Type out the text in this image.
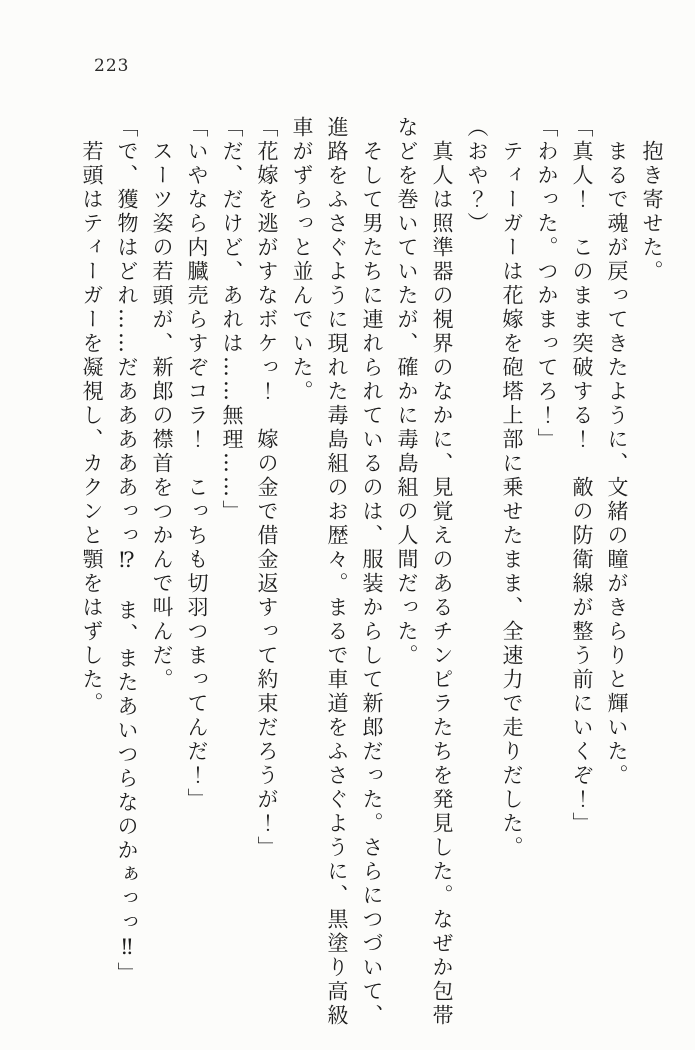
223

　抱き寄せた。

　まるで魂が戻ってきたように、文緒の瞳がきらりと輝いた。

「真人！　このまま突破する！　敵の防衛線が整う前にいくぞ！」

「わかった。つかまってろ！」

　ティーガーは花嫁を砲塔上部に乗せたまま、全速力で走りだした。

（おや？）

　真人は照準器の視界のなかに、見覚えのあるチンピラたちを発見した。なぜか包帯などを巻いていたが、確かに毒島組の人間だった。

　そして男たちに連れられているのは、服装からして新郎だった。さらにつづいて、進路をふさぐように現れた毒島組のお歴々。まるで車道をふさぐように、黒塗り高級車がずらっと並んでいた。

「花嫁を逃がすなボケっ！　嫁の金で借金返すって約束だろうが！」

「だ、だけど、あれは……無理……」

「いやなら内臓売らすぞコラ！　こっちも切羽つまってんだ！」

　スーツ姿の若頭が、新郎の襟首をつかんで叫んだ。

「で、獲物はどれ……だあああああっっ⁉　ま、またあいつらなのかぁっっ‼」

　若頭はティーガーを凝視し、カクンと顎をはずした。
